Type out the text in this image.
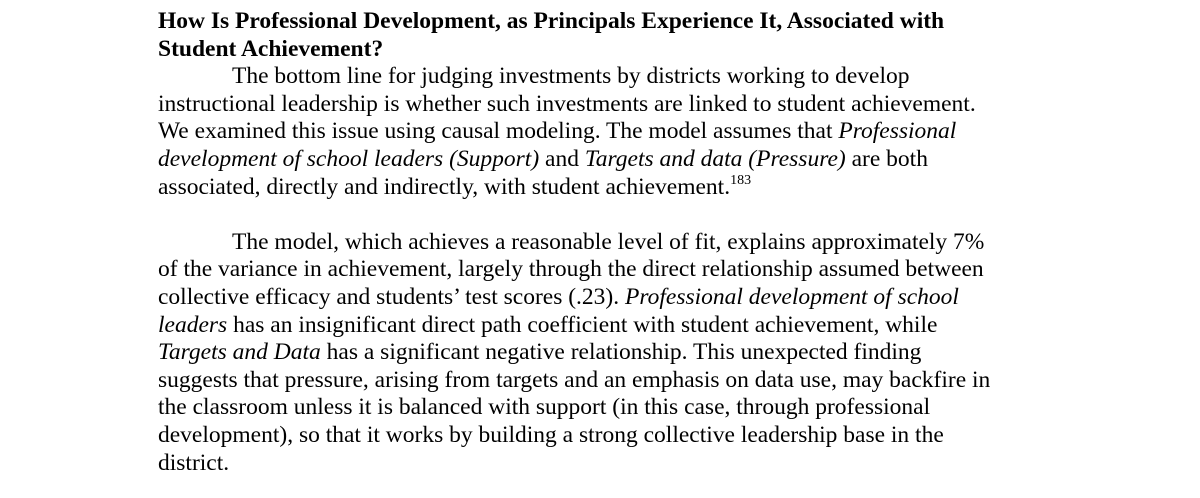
How Is Professional Development, as Principals Experience It, Associated with
Student Achievement?
The bottom line for judging investments by districts working to develop
instructional leadership is whether such investments are linked to student achievement.
We examined this issue using causal modeling. The model assumes that Professional
development of school leaders (Support) and Targets and data (Pressure) are both
associated, directly and indirectly, with student achievement.$^{183}$
The model, which achieves a reasonable level of fit, explains approximately 7%
of the variance in achievement, largely through the direct relationship assumed between
collective efficacy and students’ test scores (.23). Professional development of school
leaders has an insignificant direct path coefficient with student achievement, while
Targets and Data has a significant negative relationship. This unexpected finding
suggests that pressure, arising from targets and an emphasis on data use, may backfire in
the classroom unless it is balanced with support (in this case, through professional
development), so that it works by building a strong collective leadership base in the
district.
